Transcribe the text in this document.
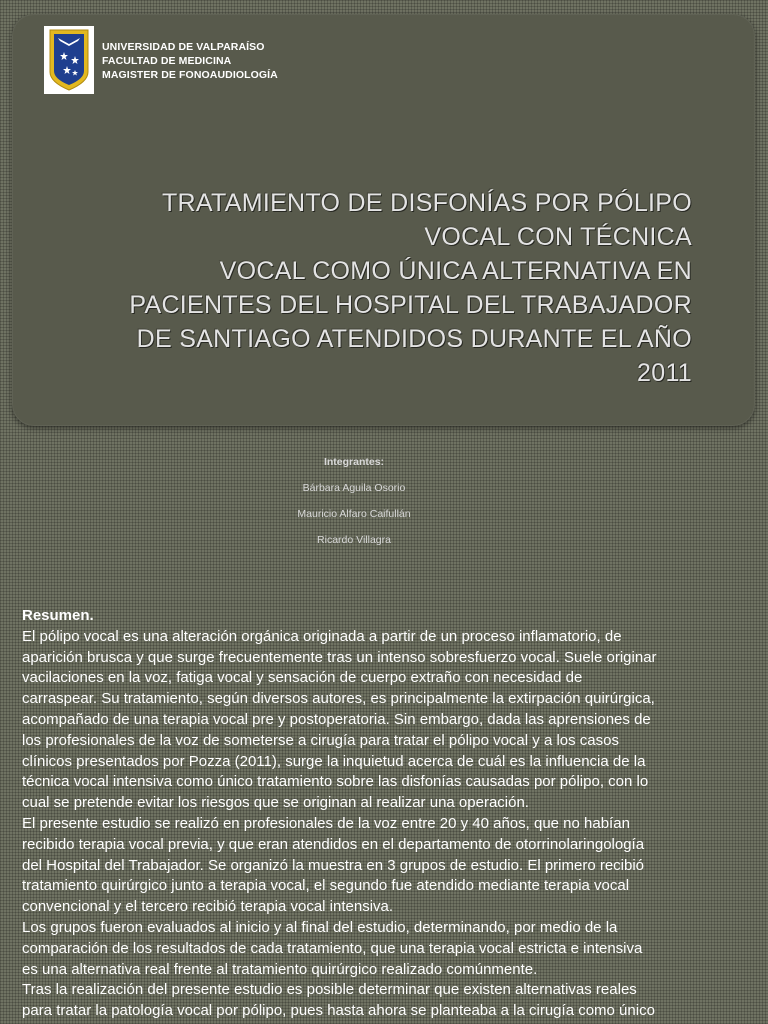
UNIVERSIDAD DE VALPARAÍSO
FACULTAD DE MEDICINA
MAGISTER DE FONOAUDIOLOGÍA
TRATAMIENTO DE DISFONÍAS POR PÓLIPO
VOCAL CON TÉCNICA
VOCAL COMO ÚNICA ALTERNATIVA EN
PACIENTES DEL HOSPITAL DEL TRABAJADOR
DE SANTIAGO ATENDIDOS DURANTE EL AÑO
2011
Integrantes:
Bárbara Aguila Osorio
Mauricio Alfaro Caifullán
Ricardo Villagra
Resumen.

El pólipo vocal es una alteración orgánica originada a partir de un proceso inflamatorio, de

aparición brusca y que surge frecuentemente tras un intenso sobresfuerzo vocal. Suele originar

vacilaciones en la voz, fatiga vocal y sensación de cuerpo extraño con necesidad de

carraspear. Su tratamiento, según diversos autores, es principalmente la extirpación quirúrgica,

acompañado de una terapia vocal pre y postoperatoria. Sin embargo, dada las aprensiones de

los profesionales de la voz de someterse a cirugía para tratar el pólipo vocal y a los casos

clínicos presentados por Pozza (2011), surge la inquietud acerca de cuál es la influencia de la

técnica vocal intensiva como único tratamiento sobre las disfonías causadas por pólipo, con lo

cual se pretende evitar los riesgos que se originan al realizar una operación.

El presente estudio se realizó en profesionales de la voz entre 20 y 40 años, que no habían

recibido terapia vocal previa, y que eran atendidos en el departamento de otorrinolaringología

del Hospital del Trabajador. Se organizó la muestra en 3 grupos de estudio. El primero recibió

tratamiento quirúrgico junto a terapia vocal, el segundo fue atendido mediante terapia vocal

convencional y el tercero recibió terapia vocal intensiva.

Los grupos fueron evaluados al inicio y al final del estudio, determinando, por medio de la

comparación de los resultados de cada tratamiento, que una terapia vocal estricta e intensiva

es una alternativa real frente al tratamiento quirúrgico realizado comúnmente.

Tras la realización del presente estudio es posible determinar que existen alternativas reales

para tratar la patología vocal por pólipo, pues hasta ahora se planteaba a la cirugía como único
